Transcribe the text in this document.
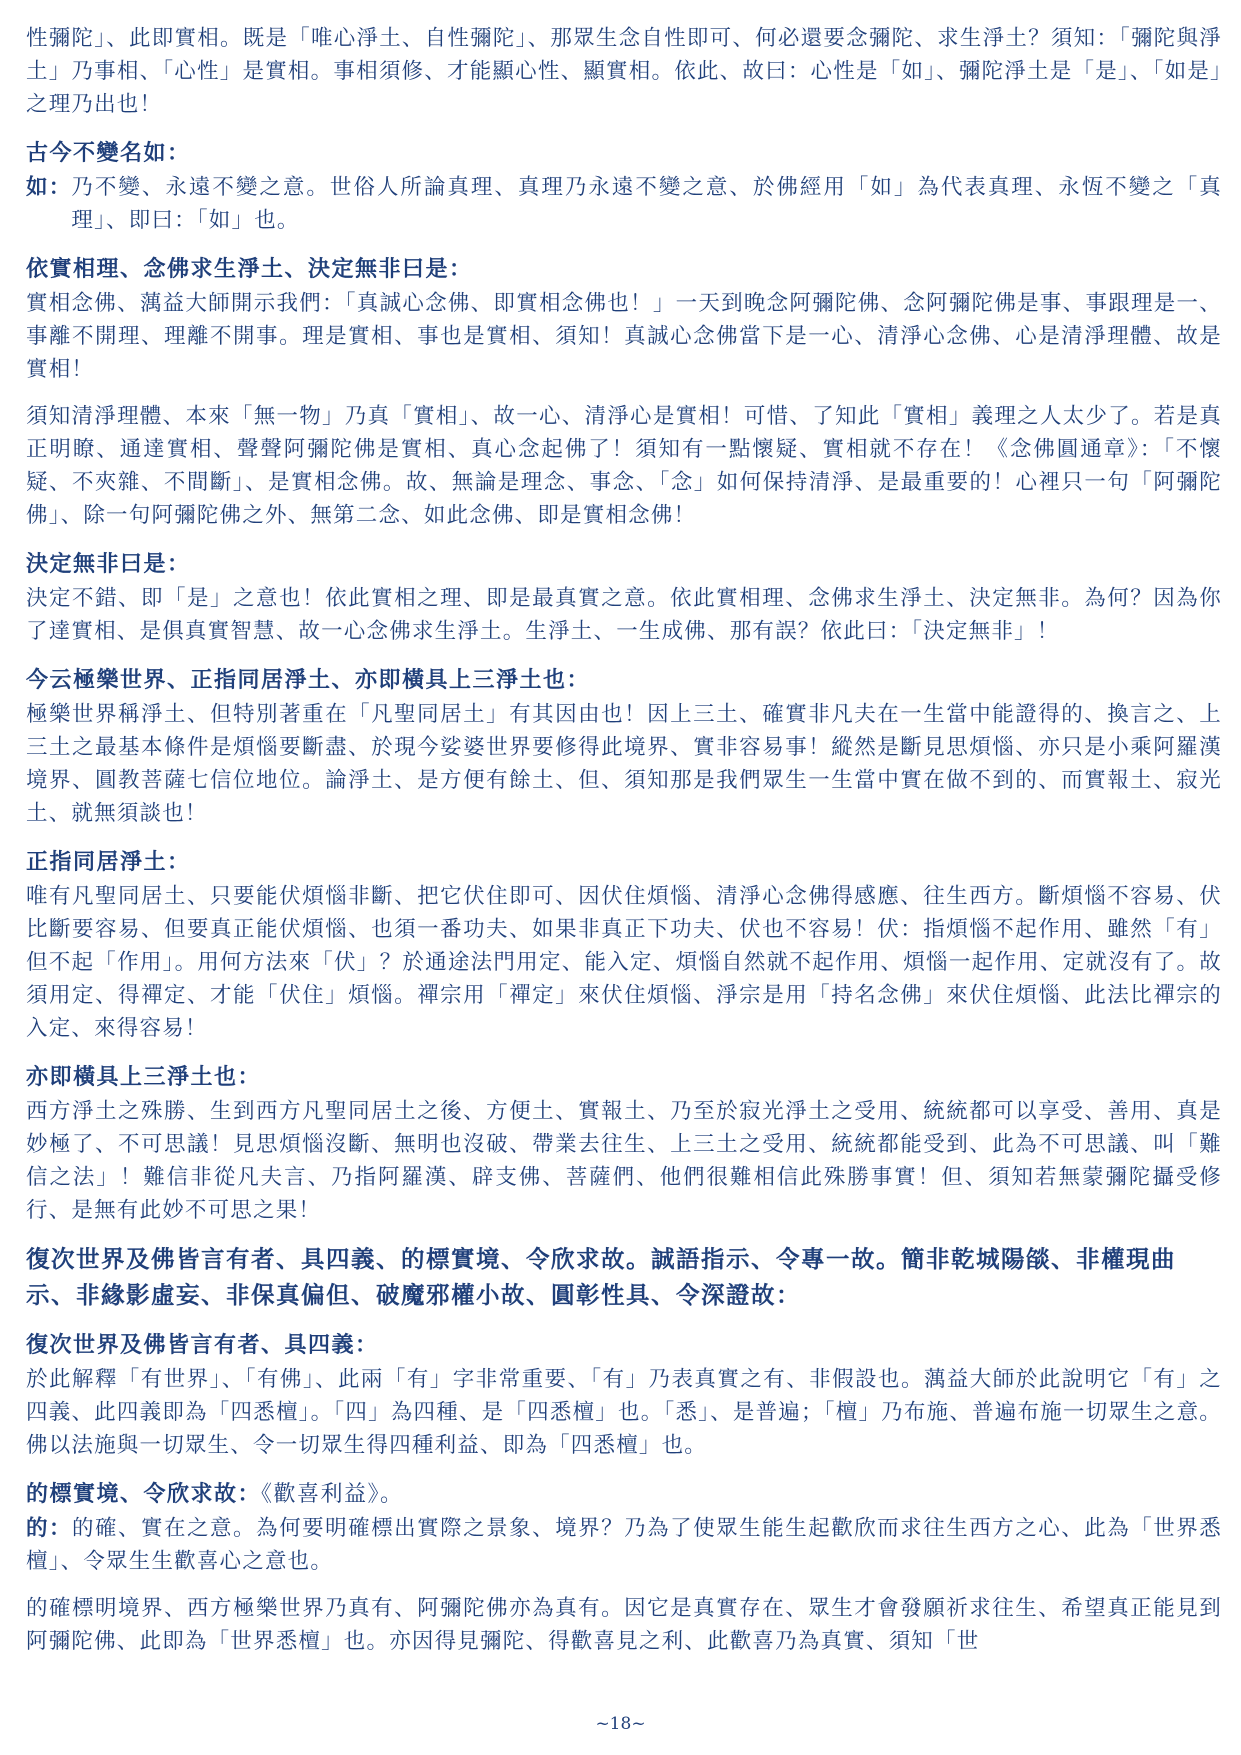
性彌陀」、此即實相。既是「唯心淨土、自性彌陀」、那眾生念自性即可、何必還要念彌陀、求生淨土？須知：「彌陀與淨土」乃事相、「心性」是實相。事相須修、才能顯心性、顯實相。依此、故曰：心性是「如」、彌陀淨土是「是」、「如是」之理乃出也！

古今不變名如：
如： 乃不變、永遠不變之意。世俗人所論真理、真理乃永遠不變之意、於佛經用「如」為代表真理、永恆不變之「真理」、即曰：「如」也。
依實相理、念佛求生淨土、決定無非曰是：

實相念佛、蕅益大師開示我們：「真誠心念佛、即實相念佛也！」一天到晚念阿彌陀佛、念阿彌陀佛是事、事跟理是一、事離不開理、理離不開事。理是實相、事也是實相、須知！真誠心念佛當下是一心、清淨心念佛、心是清淨理體、故是實相！

須知清淨理體、本來「無一物」乃真「實相」、故一心、清淨心是實相！可惜、了知此「實相」義理之人太少了。若是真正明瞭、通達實相、聲聲阿彌陀佛是實相、真心念起佛了！須知有一點懷疑、實相就不存在！《念佛圓通章》：「不懷疑、不夾雜、不間斷」、是實相念佛。故、無論是理念、事念、「念」如何保持清淨、是最重要的！心裡只一句「阿彌陀佛」、除一句阿彌陀佛之外、無第二念、如此念佛、即是實相念佛！

決定無非曰是：

決定不錯、即「是」之意也！依此實相之理、即是最真實之意。依此實相理、念佛求生淨土、決定無非。為何？因為你了達實相、是俱真實智慧、故一心念佛求生淨土。生淨土、一生成佛、那有誤？依此曰：「決定無非」！

今云極樂世界、正指同居淨土、亦即橫具上三淨土也：

極樂世界稱淨土、但特別著重在「凡聖同居土」有其因由也！因上三土、確實非凡夫在一生當中能證得的、換言之、上三土之最基本條件是煩惱要斷盡、於現今娑婆世界要修得此境界、實非容易事！縱然是斷見思煩惱、亦只是小乘阿羅漢境界、圓教菩薩七信位地位。論淨土、是方便有餘土、但、須知那是我們眾生一生當中實在做不到的、而實報土、寂光土、就無須談也！

正指同居淨土：

唯有凡聖同居土、只要能伏煩惱非斷、把它伏住即可、因伏住煩惱、清淨心念佛得感應、往生西方。斷煩惱不容易、伏比斷要容易、但要真正能伏煩惱、也須一番功夫、如果非真正下功夫、伏也不容易！伏：指煩惱不起作用、雖然「有」但不起「作用」。用何方法來「伏」？於通途法門用定、能入定、煩惱自然就不起作用、煩惱一起作用、定就沒有了。故須用定、得禪定、才能「伏住」煩惱。禪宗用「禪定」來伏住煩惱、淨宗是用「持名念佛」來伏住煩惱、此法比禪宗的入定、來得容易！

亦即橫具上三淨土也：

西方淨土之殊勝、生到西方凡聖同居土之後、方便土、實報土、乃至於寂光淨土之受用、統統都可以享受、善用、真是妙極了、不可思議！見思煩惱沒斷、無明也沒破、帶業去往生、上三土之受用、統統都能受到、此為不可思議、叫「難信之法」！難信非從凡夫言、乃指阿羅漢、辟支佛、菩薩們、他們很難相信此殊勝事實！但、須知若無蒙彌陀攝受修行、是無有此妙不可思之果！

復次世界及佛皆言有者、具四義、的標實境、令欣求故。誠語指示、令專一故。簡非乾城陽燄、非權現曲示、非緣影虛妄、非保真偏但、破魔邪權小故、圓彰性具、令深證故：
復次世界及佛皆言有者、具四義：

於此解釋「有世界」、「有佛」、此兩「有」字非常重要、「有」乃表真實之有、非假設也。蕅益大師於此說明它「有」之四義、此四義即為「四悉檀」。「四」為四種、是「四悉檀」也。「悉」、是普遍；「檀」乃布施、普遍布施一切眾生之意。佛以法施與一切眾生、令一切眾生得四種利益、即為「四悉檀」也。

的標實境、令欣求故：《歡喜利益》。

的：的確、實在之意。為何要明確標出實際之景象、境界？乃為了使眾生能生起歡欣而求往生西方之心、此為「世界悉檀」、令眾生生歡喜心之意也。

的確標明境界、西方極樂世界乃真有、阿彌陀佛亦為真有。因它是真實存在、眾生才會發願祈求往生、希望真正能見到阿彌陀佛、此即為「世界悉檀」也。亦因得見彌陀、得歡喜見之利、此歡喜乃為真實、須知「世

~18~
